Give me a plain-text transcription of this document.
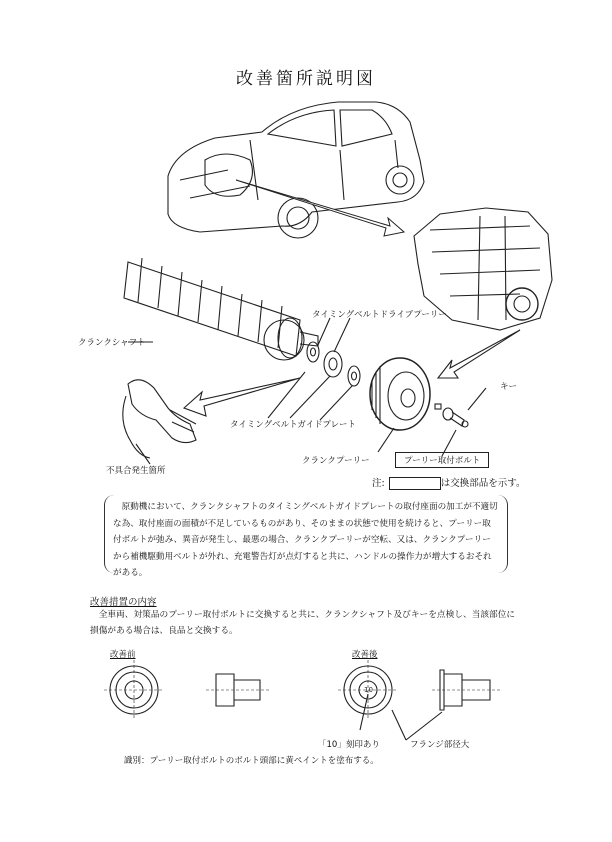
改善箇所説明図
10
クランクシャフト
タイミングベルトドライブプーリー
タイミングベルトガイドプレート
クランクプーリー
キー
プーリー取付ボルト
不具合発生箇所
注:	は交換部品を示す。
原動機において、クランクシャフトのタイミングベルトガイドプレートの取付座面の加工が不適切な為、取付座面の面積が不足しているものがあり、そのままの状態で使用を続けると、プーリー取付ボルトが弛み、異音が発生し、最悪の場合、クランクプーリーが空転、又は、クランクプーリーから補機駆動用ベルトが外れ、充電警告灯が点灯すると共に、ハンドルの操作力が増大するおそれがある。
改善措置の内容
全車両、対策品のプーリー取付ボルトに交換すると共に、クランクシャフト及びキーを点検し、当該部位に損傷がある場合は、良品と交換する。
改善前	改善後
「10」刻印あり	フランジ部径大
識別：プーリー取付ボルトのボルト頭部に黄ペイントを塗布する。
